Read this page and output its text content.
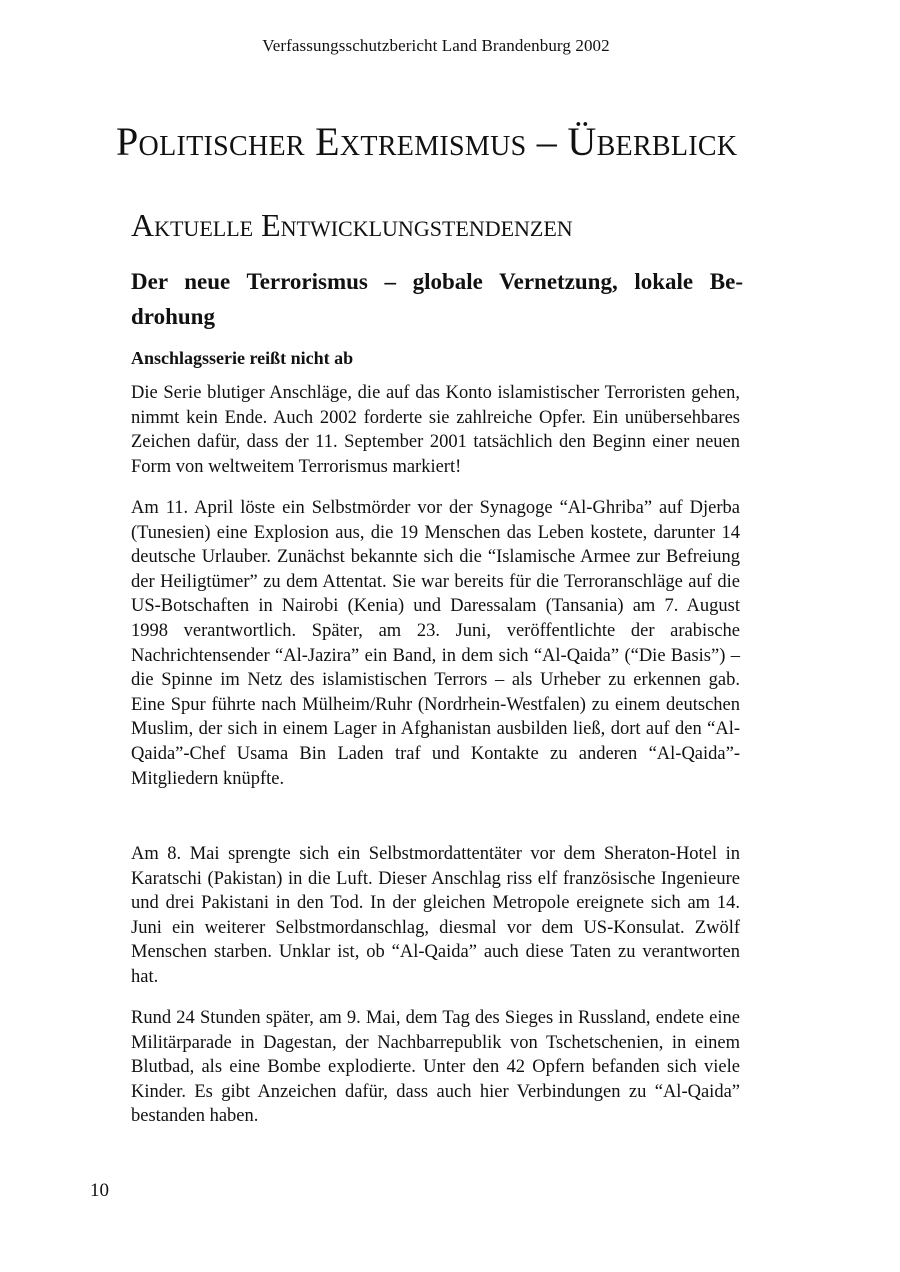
Verfassungsschutzbericht Land Brandenburg 2002
Politischer Extremismus – Überblick
Aktuelle Entwicklungstendenzen
Der neue Terrorismus – globale Vernetzung, lokale Bedrohung
Anschlagsserie reißt nicht ab

Die Serie blutiger Anschläge, die auf das Konto islamistischer Terroristen gehen, nimmt kein Ende. Auch 2002 forderte sie zahlreiche Opfer. Ein unübersehbares Zeichen dafür, dass der 11. September 2001 tatsächlich den Beginn einer neuen Form von weltweitem Terrorismus markiert!

Am 11. April löste ein Selbstmörder vor der Synagoge “Al-Ghriba” auf Djerba (Tunesien) eine Explosion aus, die 19 Menschen das Leben kostete, darunter 14 deutsche Urlauber. Zunächst bekannte sich die “Islamische Armee zur Befreiung der Heiligtümer” zu dem Attentat. Sie war bereits für die Terroranschläge auf die US-Botschaften in Nairobi (Kenia) und Daressalam (Tansania) am 7. August 1998 verantwortlich. Später, am 23. Juni, veröffentlichte der arabische Nachrichtensender “Al-Jazira” ein Band, in dem sich “Al-Qaida” (“Die Basis”) – die Spinne im Netz des islamistischen Terrors – als Urheber zu erkennen gab. Eine Spur führte nach Mülheim/Ruhr (Nordrhein-Westfalen) zu einem deutschen Muslim, der sich in einem Lager in Afghanistan ausbilden ließ, dort auf den “Al-Qaida”-Chef Usama Bin Laden traf und Kontakte zu anderen “Al-Qaida”-Mitgliedern knüpfte.

Am 8. Mai sprengte sich ein Selbstmordattentäter vor dem Sheraton-Hotel in Karatschi (Pakistan) in die Luft. Dieser Anschlag riss elf französische Ingenieure und drei Pakistani in den Tod. In der gleichen Metropole ereignete sich am 14. Juni ein weiterer Selbstmordanschlag, diesmal vor dem US-Konsulat. Zwölf Menschen starben. Unklar ist, ob “Al-Qaida” auch diese Taten zu verantworten hat.

Rund 24 Stunden später, am 9. Mai, dem Tag des Sieges in Russland, endete eine Militärparade in Dagestan, der Nachbarrepublik von Tschetschenien, in einem Blutbad, als eine Bombe explodierte. Unter den 42 Opfern befanden sich viele Kinder. Es gibt Anzeichen dafür, dass auch hier Verbindungen zu “Al-Qaida” bestanden haben.

10
